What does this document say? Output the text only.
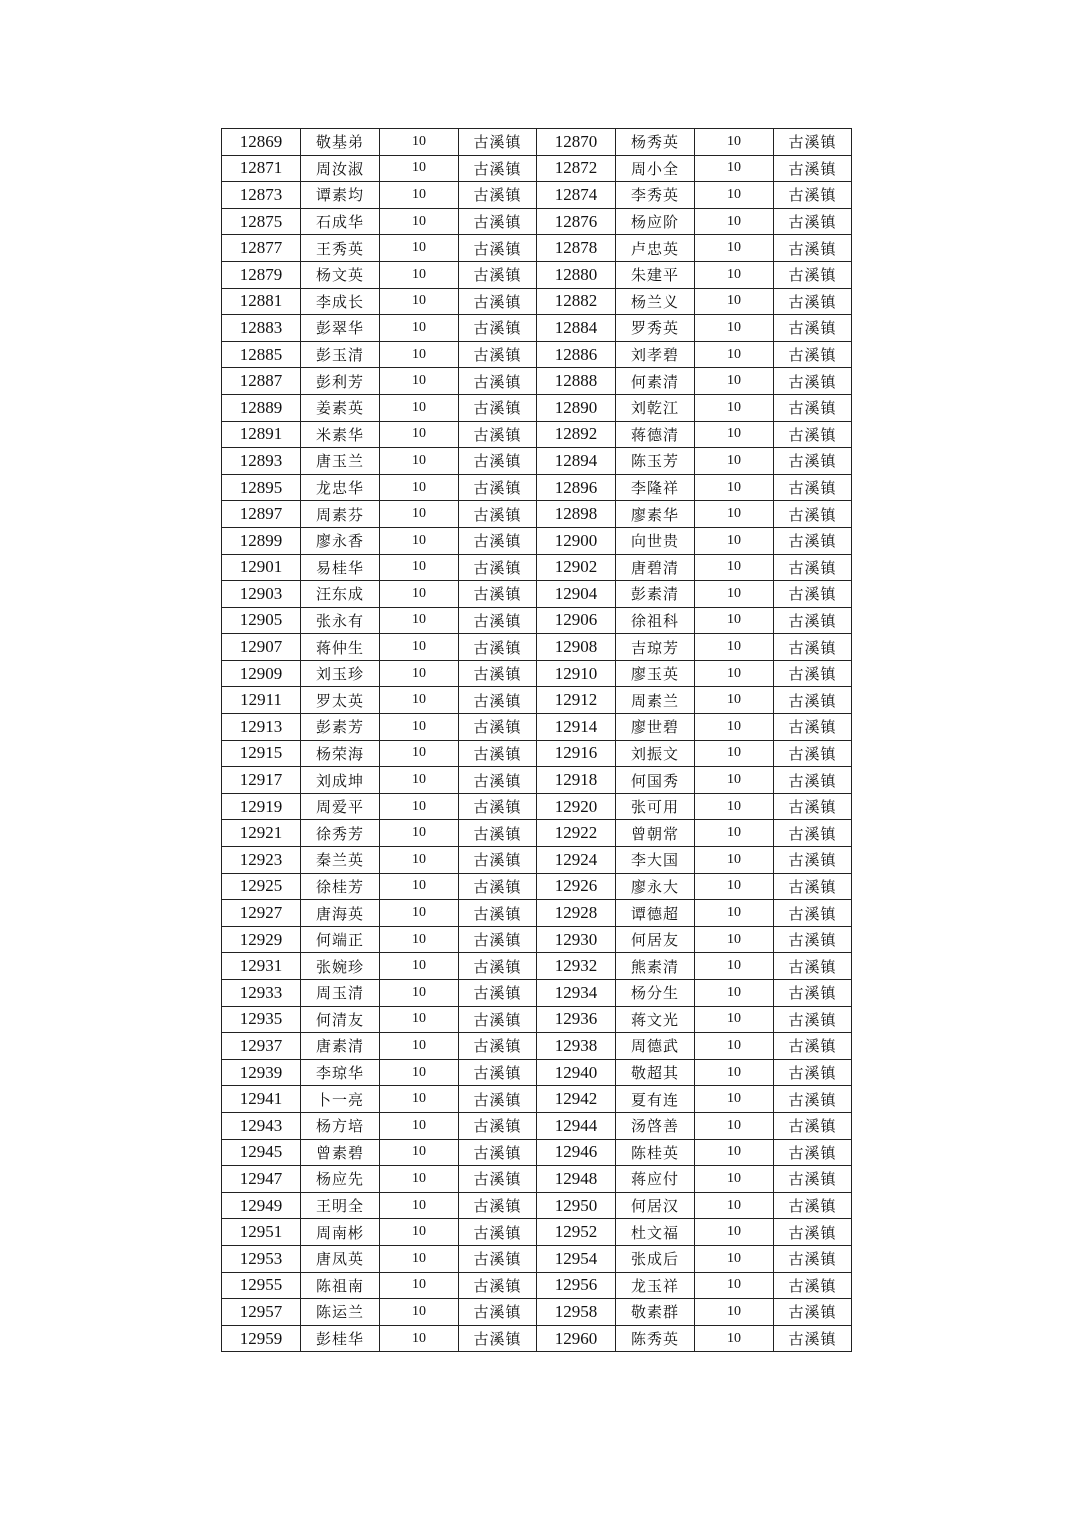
12869	敬基弟	10	古溪镇	12870	杨秀英	10	古溪镇
12871	周汝淑	10	古溪镇	12872	周小全	10	古溪镇
12873	谭素均	10	古溪镇	12874	李秀英	10	古溪镇
12875	石成华	10	古溪镇	12876	杨应阶	10	古溪镇
12877	王秀英	10	古溪镇	12878	卢忠英	10	古溪镇
12879	杨文英	10	古溪镇	12880	朱建平	10	古溪镇
12881	李成长	10	古溪镇	12882	杨兰义	10	古溪镇
12883	彭翠华	10	古溪镇	12884	罗秀英	10	古溪镇
12885	彭玉清	10	古溪镇	12886	刘孝碧	10	古溪镇
12887	彭利芳	10	古溪镇	12888	何素清	10	古溪镇
12889	姜素英	10	古溪镇	12890	刘乾江	10	古溪镇
12891	米素华	10	古溪镇	12892	蒋德清	10	古溪镇
12893	唐玉兰	10	古溪镇	12894	陈玉芳	10	古溪镇
12895	龙忠华	10	古溪镇	12896	李隆祥	10	古溪镇
12897	周素芬	10	古溪镇	12898	廖素华	10	古溪镇
12899	廖永香	10	古溪镇	12900	向世贵	10	古溪镇
12901	易桂华	10	古溪镇	12902	唐碧清	10	古溪镇
12903	汪东成	10	古溪镇	12904	彭素清	10	古溪镇
12905	张永有	10	古溪镇	12906	徐祖科	10	古溪镇
12907	蒋仲生	10	古溪镇	12908	吉琼芳	10	古溪镇
12909	刘玉珍	10	古溪镇	12910	廖玉英	10	古溪镇
12911	罗太英	10	古溪镇	12912	周素兰	10	古溪镇
12913	彭素芳	10	古溪镇	12914	廖世碧	10	古溪镇
12915	杨荣海	10	古溪镇	12916	刘振文	10	古溪镇
12917	刘成坤	10	古溪镇	12918	何国秀	10	古溪镇
12919	周爱平	10	古溪镇	12920	张可用	10	古溪镇
12921	徐秀芳	10	古溪镇	12922	曾朝常	10	古溪镇
12923	秦兰英	10	古溪镇	12924	李大国	10	古溪镇
12925	徐桂芳	10	古溪镇	12926	廖永大	10	古溪镇
12927	唐海英	10	古溪镇	12928	谭德超	10	古溪镇
12929	何端正	10	古溪镇	12930	何居友	10	古溪镇
12931	张婉珍	10	古溪镇	12932	熊素清	10	古溪镇
12933	周玉清	10	古溪镇	12934	杨分生	10	古溪镇
12935	何清友	10	古溪镇	12936	蒋文光	10	古溪镇
12937	唐素清	10	古溪镇	12938	周德武	10	古溪镇
12939	李琼华	10	古溪镇	12940	敬超其	10	古溪镇
12941	卜一亮	10	古溪镇	12942	夏有连	10	古溪镇
12943	杨方培	10	古溪镇	12944	汤啓善	10	古溪镇
12945	曾素碧	10	古溪镇	12946	陈桂英	10	古溪镇
12947	杨应先	10	古溪镇	12948	蒋应付	10	古溪镇
12949	王明全	10	古溪镇	12950	何居汉	10	古溪镇
12951	周南彬	10	古溪镇	12952	杜文福	10	古溪镇
12953	唐凤英	10	古溪镇	12954	张成后	10	古溪镇
12955	陈祖南	10	古溪镇	12956	龙玉祥	10	古溪镇
12957	陈运兰	10	古溪镇	12958	敬素群	10	古溪镇
12959	彭桂华	10	古溪镇	12960	陈秀英	10	古溪镇
